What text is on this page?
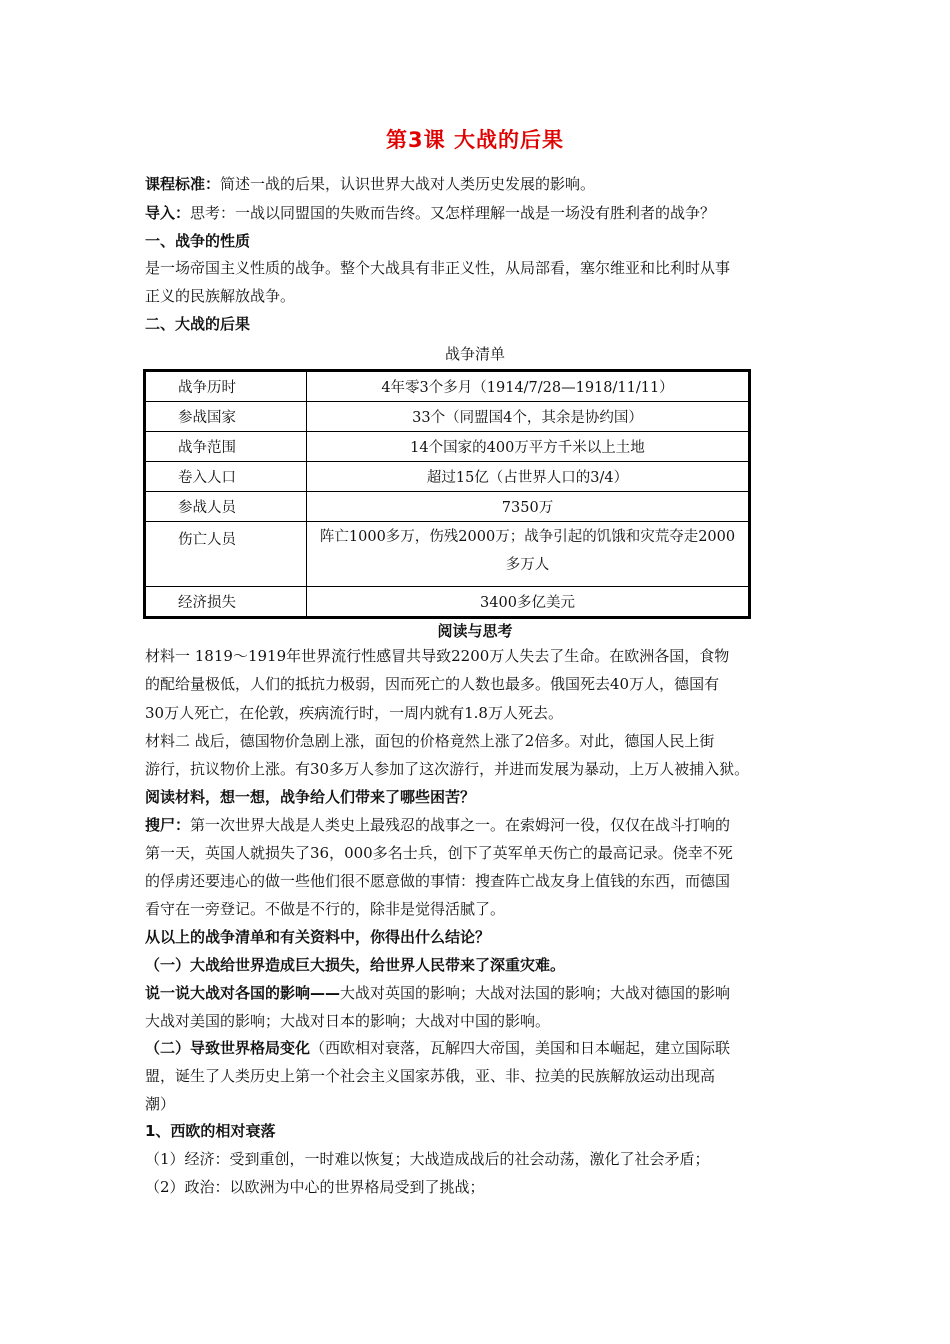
第3课 大战的后果
课程标准：简述一战的后果，认识世界大战对人类历史发展的影响。
导入：思考：一战以同盟国的失败而告终。又怎样理解一战是一场没有胜利者的战争？
一、战争的性质
是一场帝国主义性质的战争。整个大战具有非正义性，从局部看，塞尔维亚和比利时从事
正义的民族解放战争。
二、大战的后果
战争清单
战争历时	4年零3个多月（1914/7/28—1918/11/11）
参战国家	33个（同盟国4个，其余是协约国）
战争范围	14个国家的400万平方千米以上土地
卷入人口	超过15亿（占世界人口的3/4）
参战人员	7350万
伤亡人员	阵亡1000多万，伤残2000万；战争引起的饥饿和灾荒夺走2000
多万人

经济损失	3400多亿美元
阅读与思考
材料一 1819～1919年世界流行性感冒共导致2200万人失去了生命。在欧洲各国，食物
的配给量极低，人们的抵抗力极弱，因而死亡的人数也最多。俄国死去40万人，德国有
30万人死亡，在伦敦，疾病流行时，一周内就有1.8万人死去。
材料二 战后，德国物价急剧上涨，面包的价格竟然上涨了2倍多。对此，德国人民上街
游行，抗议物价上涨。有30多万人参加了这次游行，并进而发展为暴动，上万人被捕入狱。
阅读材料，想一想，战争给人们带来了哪些困苦？
搜尸：第一次世界大战是人类史上最残忍的战事之一。在索姆河一役，仅仅在战斗打响的
第一天，英国人就损失了36，000多名士兵，创下了英军单天伤亡的最高记录。侥幸不死
的俘虏还要违心的做一些他们很不愿意做的事情：搜查阵亡战友身上值钱的东西，而德国
看守在一旁登记。不做是不行的，除非是觉得活腻了。
从以上的战争清单和有关资料中，你得出什么结论？
（一）大战给世界造成巨大损失，给世界人民带来了深重灾难。
说一说大战对各国的影响——大战对英国的影响；大战对法国的影响；大战对德国的影响
大战对美国的影响；大战对日本的影响；大战对中国的影响。
（二）导致世界格局变化（西欧相对衰落，瓦解四大帝国，美国和日本崛起，建立国际联
盟，诞生了人类历史上第一个社会主义国家苏俄，亚、非、拉美的民族解放运动出现高
潮）
1、西欧的相对衰落
（1）经济：受到重创，一时难以恢复；大战造成战后的社会动荡，激化了社会矛盾；
（2）政治：以欧洲为中心的世界格局受到了挑战；
